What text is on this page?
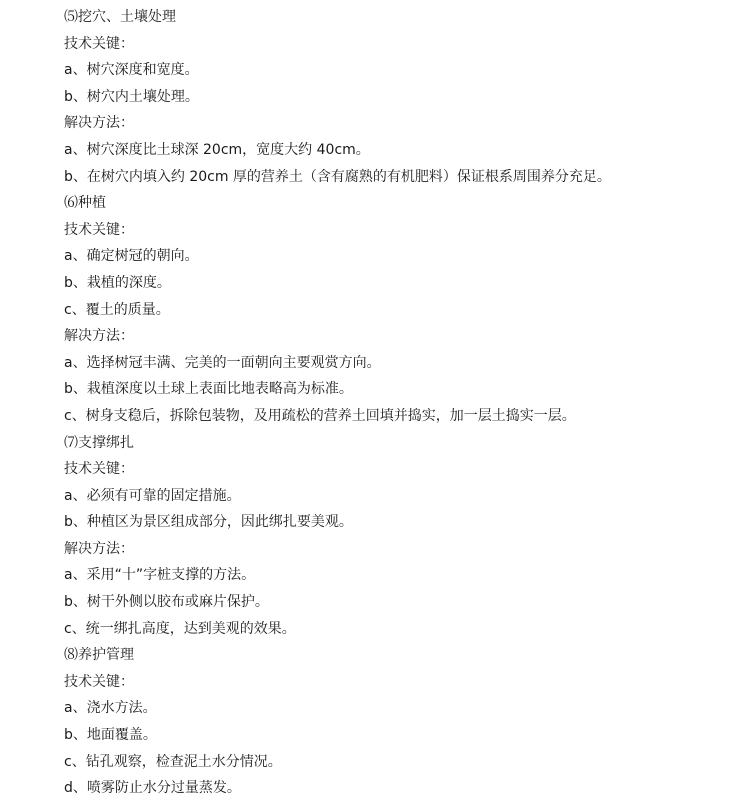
⑸挖穴、土壤处理
技术关键：
a、树穴深度和宽度。
b、树穴内土壤处理。
解决方法：
a、树穴深度比土球深 20cm，宽度大约 40cm。
b、在树穴内填入约 20cm 厚的营养土（含有腐熟的有机肥料）保证根系周围养分充足。
⑹种植
技术关键：
a、确定树冠的朝向。
b、栽植的深度。
c、覆土的质量。
解决方法：
a、选择树冠丰满、完美的一面朝向主要观赏方向。
b、栽植深度以土球上表面比地表略高为标准。
c、树身支稳后，拆除包装物，及用疏松的营养土回填并捣实，加一层土捣实一层。
⑺支撑绑扎
技术关键：
a、必须有可靠的固定措施。
b、种植区为景区组成部分，因此绑扎要美观。
解决方法：
a、采用“十”字桩支撑的方法。
b、树干外侧以胶布或麻片保护。
c、统一绑扎高度，达到美观的效果。
⑻养护管理
技术关键：
a、浇水方法。
b、地面覆盖。
c、钻孔观察，检查泥土水分情况。
d、喷雾防止水分过量蒸发。
